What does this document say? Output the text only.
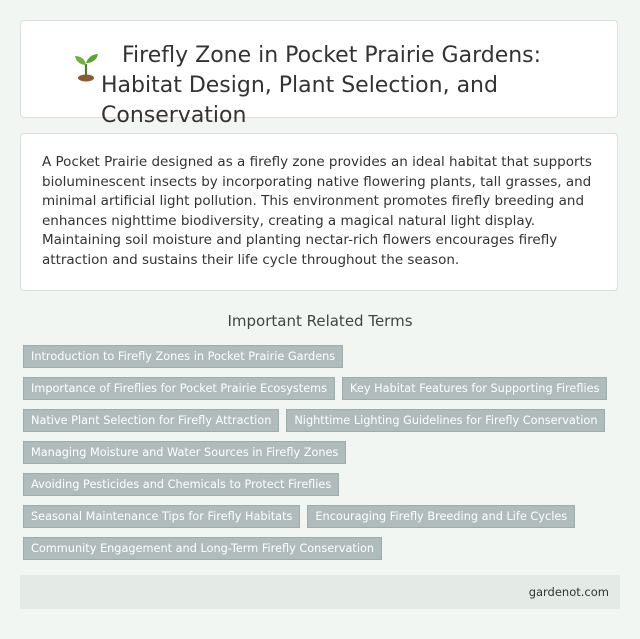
Firefly Zone in Pocket Prairie Gardens: Habitat Design, Plant Selection, and Conservation

A Pocket Prairie designed as a firefly zone provides an ideal habitat that supports bioluminescent insects by incorporating native flowering plants, tall grasses, and minimal artificial light pollution. This environment promotes firefly breeding and enhances nighttime biodiversity, creating a magical natural light display. Maintaining soil moisture and planting nectar-rich flowers encourages firefly attraction and sustains their life cycle throughout the season.

Important Related Terms
Introduction to Firefly Zones in Pocket Prairie Gardens
Importance of Fireflies for Pocket Prairie Ecosystems	Key Habitat Features for Supporting Fireflies
Native Plant Selection for Firefly Attraction	Nighttime Lighting Guidelines for Firefly Conservation
Managing Moisture and Water Sources in Firefly Zones
Avoiding Pesticides and Chemicals to Protect Fireflies
Seasonal Maintenance Tips for Firefly Habitats	Encouraging Firefly Breeding and Life Cycles
Community Engagement and Long-Term Firefly Conservation
gardenot.com
